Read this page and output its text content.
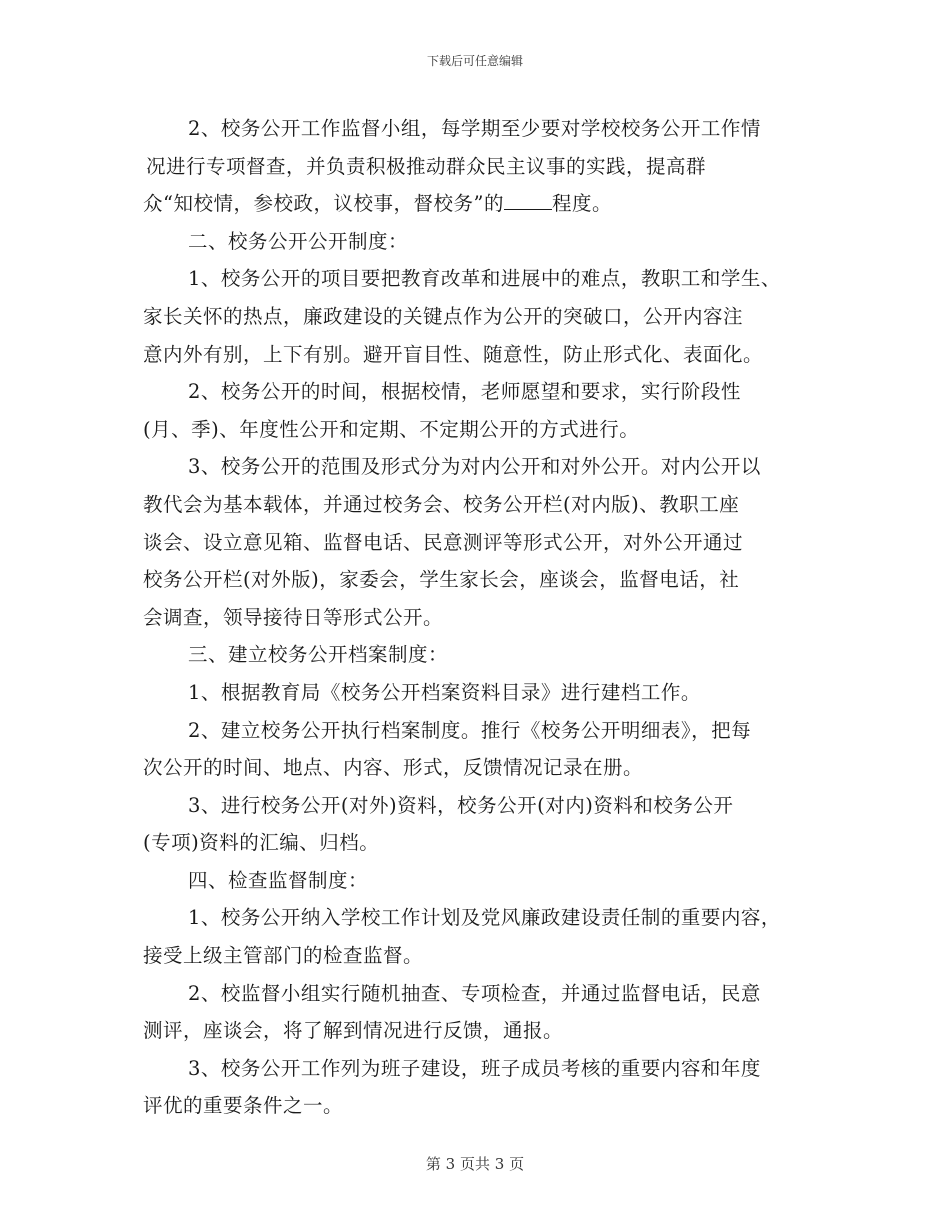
下载后可任意编辑
2、校务公开工作监督小组，每学期至少要对学校校务公开工作情
况进行专项督查，并负责积极推动群众民主议事的实践，提高群
众“知校情，参校政，议校事，督校务”的 程度。
二、校务公开公开制度：
1、校务公开的项目要把教育改革和进展中的难点，教职工和学生、
家长关怀的热点，廉政建设的关键点作为公开的突破口，公开内容注
意内外有别，上下有别。避开盲目性、随意性，防止形式化、表面化。
2、校务公开的时间，根据校情，老师愿望和要求，实行阶段性
(月、季)、年度性公开和定期、不定期公开的方式进行。
3、校务公开的范围及形式分为对内公开和对外公开。对内公开以
教代会为基本载体，并通过校务会、校务公开栏(对内版)、教职工座
谈会、设立意见箱、监督电话、民意测评等形式公开，对外公开通过
校务公开栏(对外版)，家委会，学生家长会，座谈会，监督电话，社
会调查，领导接待日等形式公开。
三、建立校务公开档案制度：
1、根据教育局《校务公开档案资料目录》进行建档工作。
2、建立校务公开执行档案制度。推行《校务公开明细表》，把每
次公开的时间、地点、内容、形式，反馈情况记录在册。
3、进行校务公开(对外)资料，校务公开(对内)资料和校务公开
(专项)资料的汇编、归档。
四、检查监督制度：
1、校务公开纳入学校工作计划及党风廉政建设责任制的重要内容，
接受上级主管部门的检查监督。
2、校监督小组实行随机抽查、专项检查，并通过监督电话，民意
测评，座谈会，将了解到情况进行反馈，通报。
3、校务公开工作列为班子建设，班子成员考核的重要内容和年度
评优的重要条件之一。
第 3 页共 3 页
